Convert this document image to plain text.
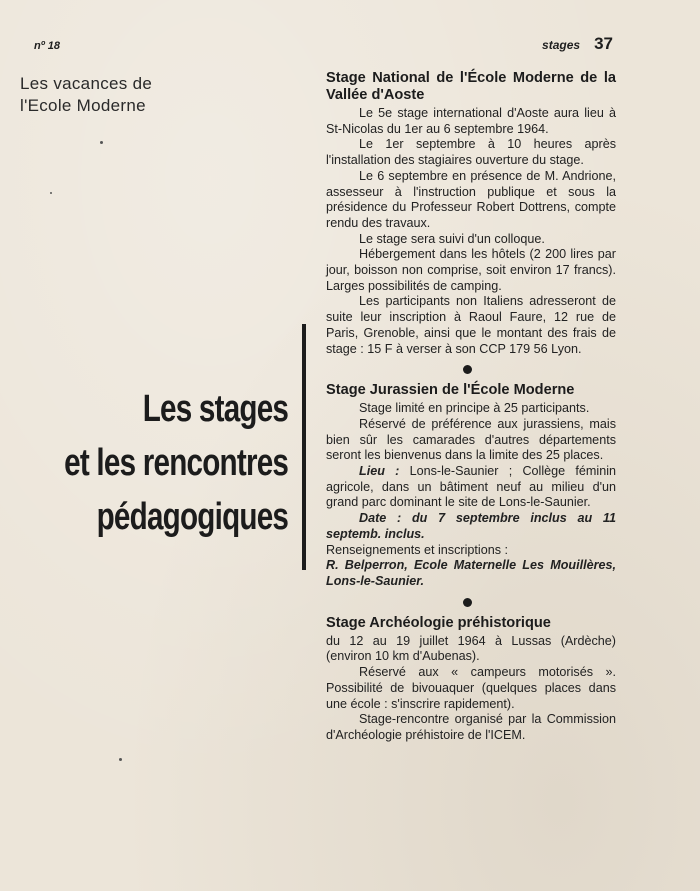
nº 18	stages 37
Les vacances de
l'Ecole Moderne
Les stages
et les rencontres
pédagogiques
Stage National de l'École Moderne de la Vallée d'Aoste

Le 5e stage international d'Aoste aura lieu à St-Nicolas du 1er au 6 septembre 1964.

Le 1er septembre à 10 heures après l'installation des stagiaires ouverture du stage.

Le 6 septembre en présence de M. Andrione, assesseur à l'instruction publique et sous la présidence du Professeur Robert Dottrens, compte rendu des travaux.

Le stage sera suivi d'un colloque.

Hébergement dans les hôtels (2 200 lires par jour, boisson non comprise, soit environ 17 francs). Larges possibilités de camping.

Les participants non Italiens adresseront de suite leur inscription à Raoul Faure, 12 rue de Paris, Grenoble, ainsi que le montant des frais de stage : 15 F à verser à son CCP 179 56 Lyon.

Stage Jurassien de l'École Moderne

Stage limité en principe à 25 participants.

Réservé de préférence aux jurassiens, mais bien sûr les camarades d'autres départements seront les bienvenus dans la limite des 25 places.

Lieu : Lons-le-Saunier ; Collège féminin agricole, dans un bâtiment neuf au milieu d'un grand parc dominant le site de Lons-le-Saunier.

Date : du 7 septembre inclus au 11 septemb. inclus.

Renseignements et inscriptions :

R. Belperron, Ecole Maternelle Les Mouillères, Lons-le-Saunier.

Stage Archéologie préhistorique

du 12 au 19 juillet 1964 à Lussas (Ardèche) (environ 10 km d'Aubenas).

Réservé aux « campeurs motorisés ». Possibilité de bivouaquer (quelques places dans une école : s'inscrire rapidement).

Stage-rencontre organisé par la Commission d'Archéologie préhistoire de l'ICEM.
